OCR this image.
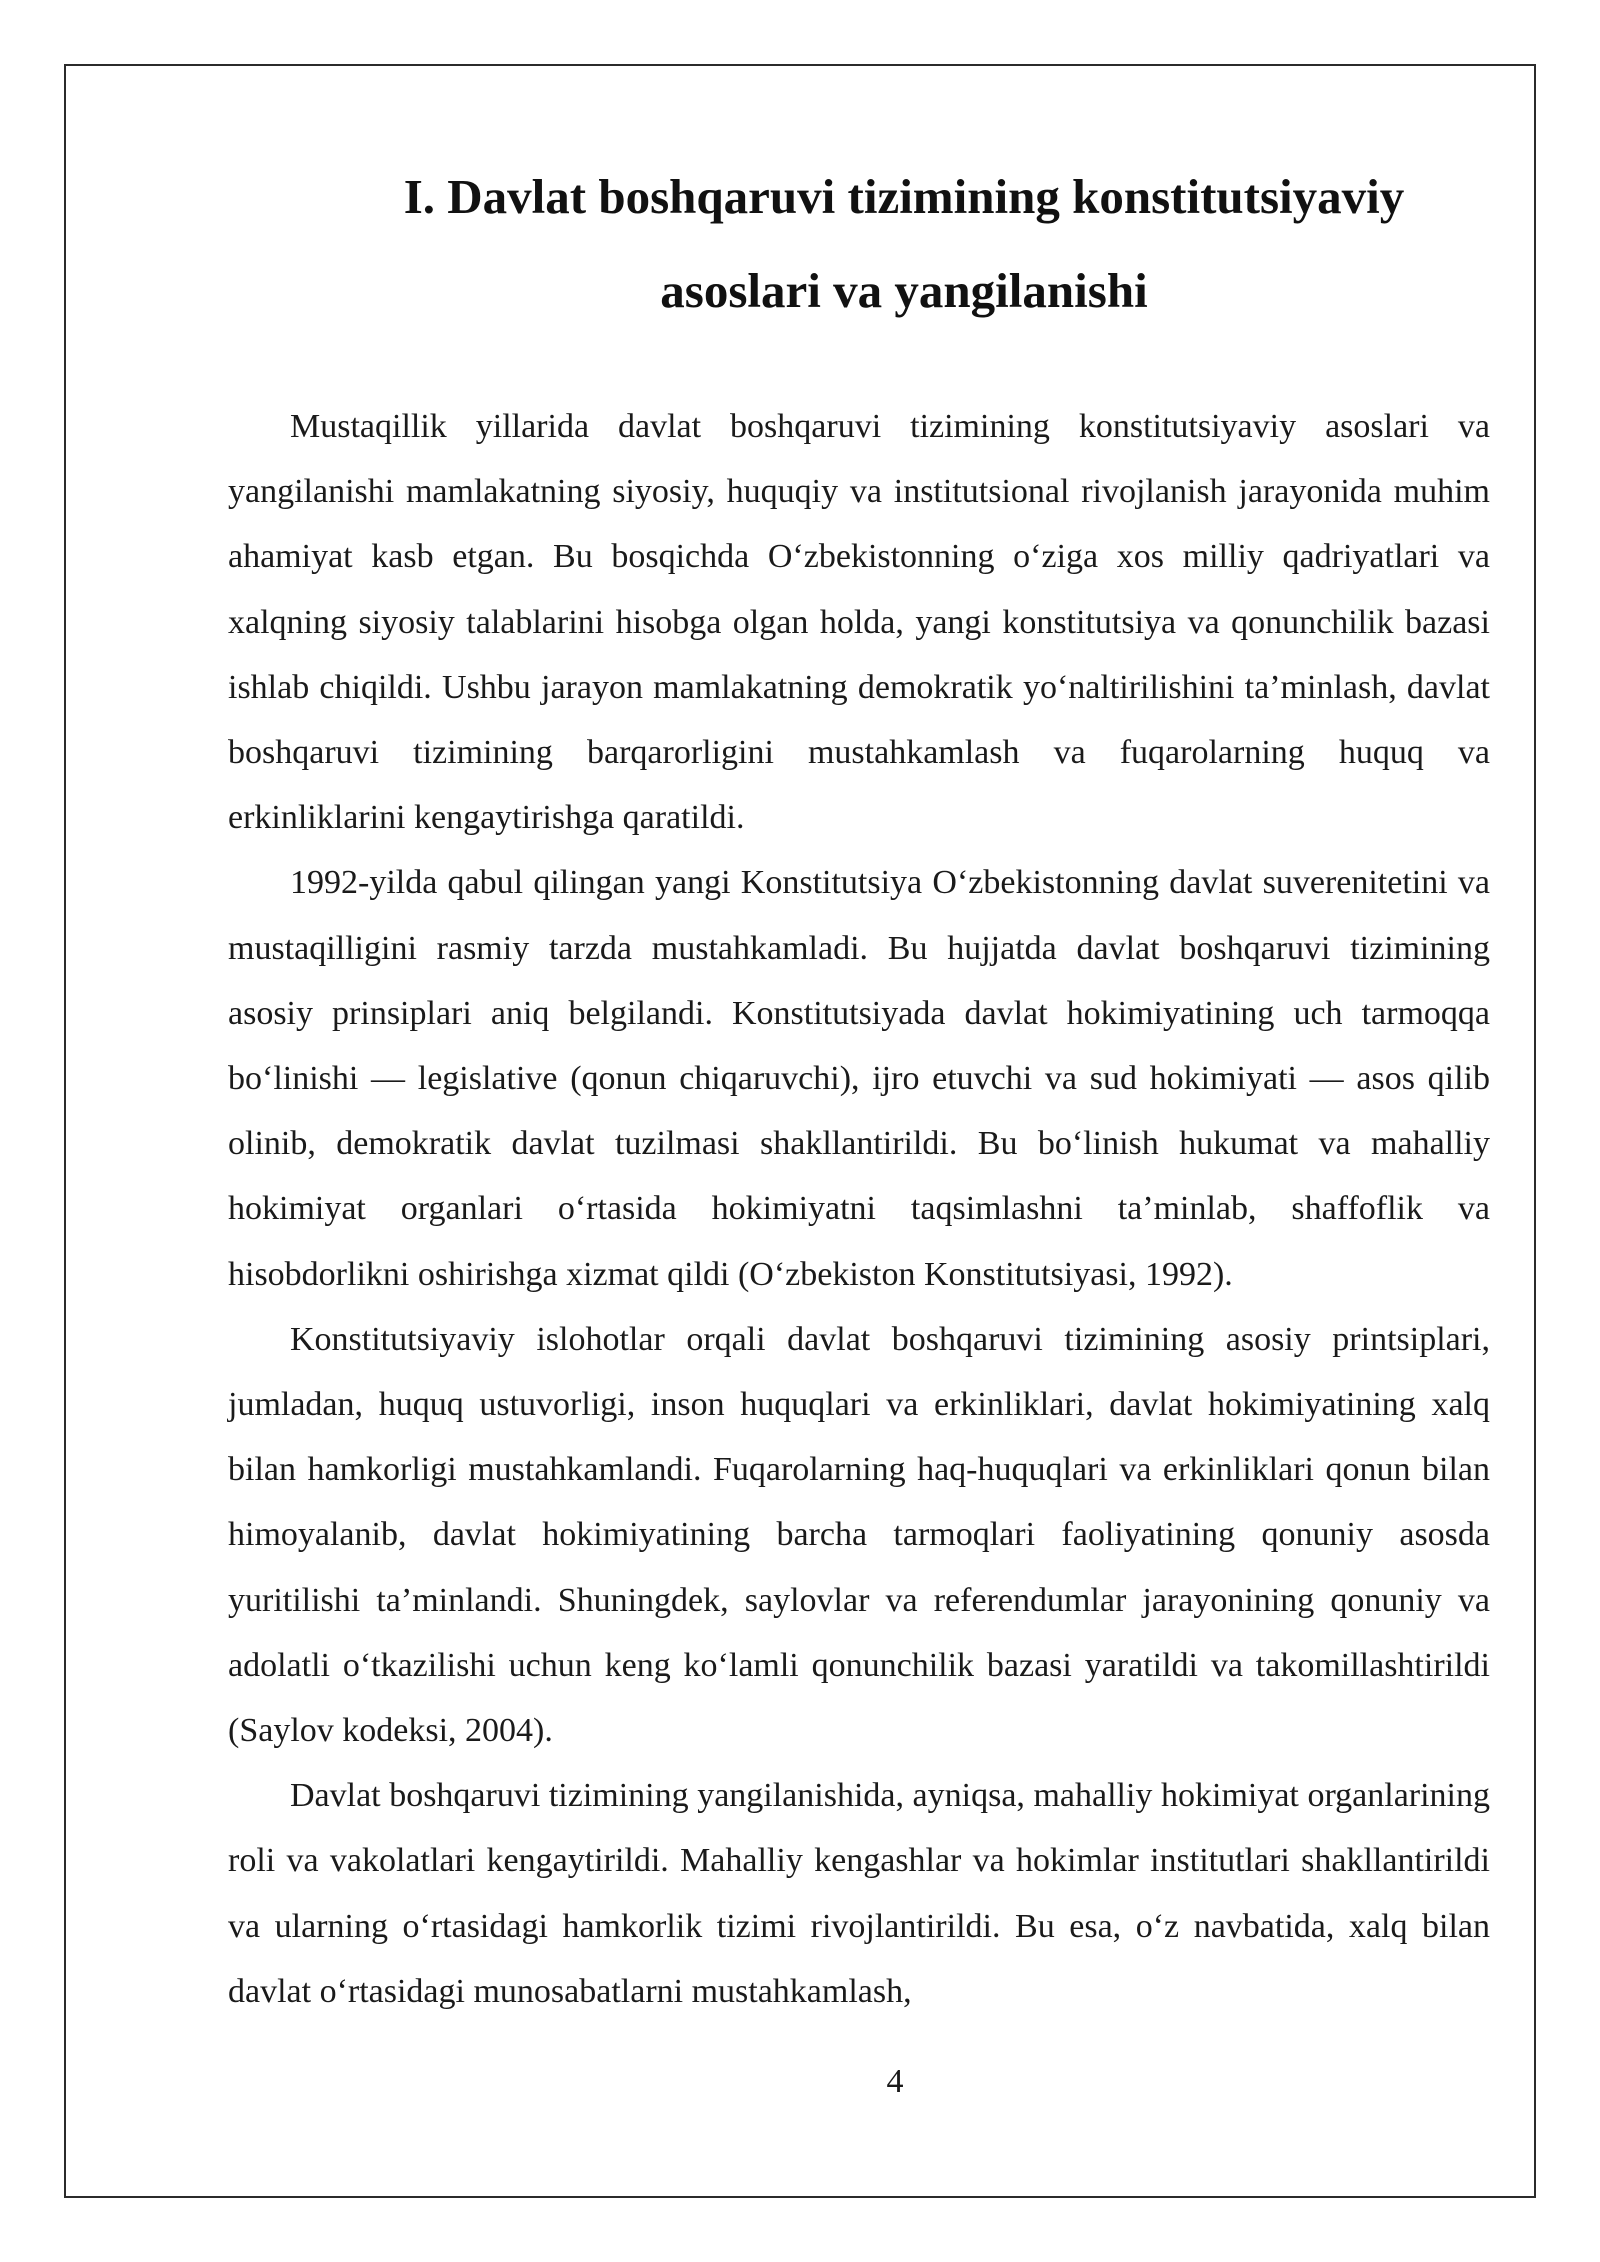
I. Davlat boshqaruvi tizimining konstitutsiyaviy
asoslari va yangilanishi

Mustaqillik yillarida davlat boshqaruvi tizimining konstitutsiyaviy asoslari va yangilanishi mamlakatning siyosiy, huquqiy va institutsional rivojlanish jarayonida muhim ahamiyat kasb etgan. Bu bosqichda O‘zbekistonning o‘ziga xos milliy qadriyatlari va xalqning siyosiy talablarini hisobga olgan holda, yangi konstitutsiya va qonunchilik bazasi ishlab chiqildi. Ushbu jarayon mamlakatning demokratik yo‘naltirilishini ta’minlash, davlat boshqaruvi tizimining barqarorligini mustahkamlash va fuqarolarning huquq va erkinliklarini kengaytirishga qaratildi.

1992-yilda qabul qilingan yangi Konstitutsiya O‘zbekistonning davlat suverenitetini va mustaqilligini rasmiy tarzda mustahkamladi. Bu hujjatda davlat boshqaruvi tizimining asosiy prinsiplari aniq belgilandi. Konstitutsiyada davlat hokimiyatining uch tarmoqqa bo‘linishi — legislative (qonun chiqaruvchi), ijro etuvchi va sud hokimiyati — asos qilib olinib, demokratik davlat tuzilmasi shakllantirildi. Bu bo‘linish hukumat va mahalliy hokimiyat organlari o‘rtasida hokimiyatni taqsimlashni ta’minlab, shaffoflik va hisobdorlikni oshirishga xizmat qildi (O‘zbekiston Konstitutsiyasi, 1992).

Konstitutsiyaviy islohotlar orqali davlat boshqaruvi tizimining asosiy printsiplari, jumladan, huquq ustuvorligi, inson huquqlari va erkinliklari, davlat hokimiyatining xalq bilan hamkorligi mustahkamlandi. Fuqarolarning haq-huquqlari va erkinliklari qonun bilan himoyalanib, davlat hokimiyatining barcha tarmoqlari faoliyatining qonuniy asosda yuritilishi ta’minlandi. Shuningdek, saylovlar va referendumlar jarayonining qonuniy va adolatli o‘tkazilishi uchun keng ko‘lamli qonunchilik bazasi yaratildi va takomillashtirildi (Saylov kodeksi, 2004).

Davlat boshqaruvi tizimining yangilanishida, ayniqsa, mahalliy hokimiyat organlarining roli va vakolatlari kengaytirildi. Mahalliy kengashlar va hokimlar institutlari shakllantirildi va ularning o‘rtasidagi hamkorlik tizimi rivojlantirildi. Bu esa, o‘z navbatida, xalq bilan davlat o‘rtasidagi munosabatlarni mustahkamlash,

4
